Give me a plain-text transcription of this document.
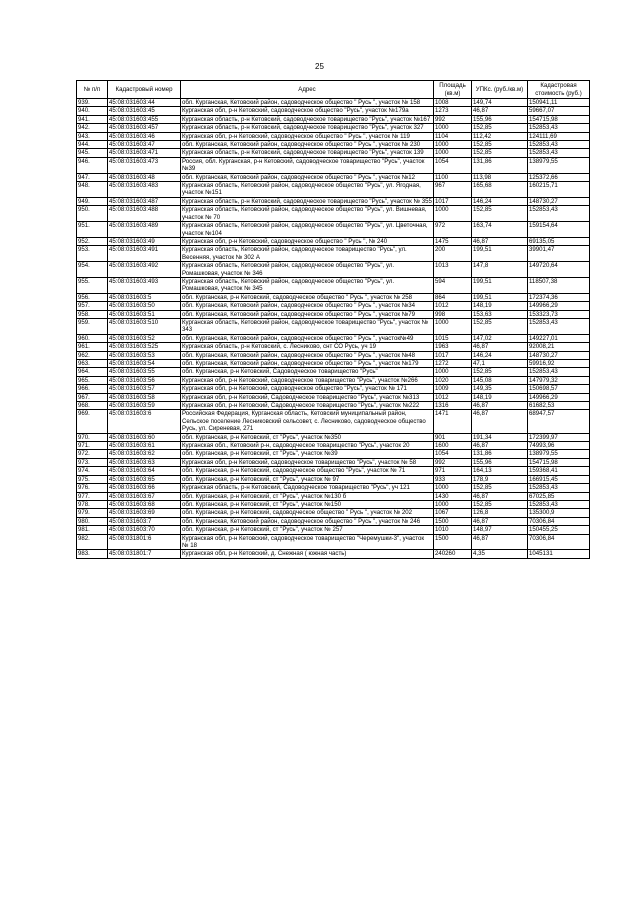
25
№ п/п	Кадастровый номер	Адрес	Площадь (кв.м)	УПКс. (руб./кв.м)	Кадастровая стоимость (руб.)
939.	45:08:031603:44	обл. Курганская, Кетовский район, садоводческое общество " Русь ", участок № 158	1008	149,74	150941,11
940.	45:08:031603:45	Курганская обл, р-н Кетовский, садоводческое общество "Русь", участок №179а	1273	46,87	59667,07
941.	45:08:031603:455	Курганская область, р-н Кетовский, садоводческое товарищество "Русь", участок №167	992	155,96	154715,98
942.	45:08:031603:457	Курганская область, р-н Кетовский, садоводческое товарищество "Русь", участок 327	1000	152,85	152853,43
943.	45:08:031603:46	Курганская обл, р-н Кетовский, садоводческое общество " Русь ", участок № 119	1104	112,42	124111,69
944.	45:08:031603:47	обл. Курганская, Кетовский район, садоводческое общество " Русь ", участок № 230	1000	152,85	152853,43
945.	45:08:031603:471	Курганская область, р-н Кетовский, садоводческое товарищество "Русь", участок 139	1000	152,85	152853,43
946.	45:08:031603:473	Россия, обл. Курганская, р-н Кетовский, садоводческое товарищество "Русь", участок №39	1054	131,86	138979,55
947.	45:08:031603:48	обл. Курганская, Кетовский район, садоводческое общество " Русь ", участок №12	1100	113,98	125372,66
948.	45:08:031603:483	Курганская область, Кетовский район, садоводческое общество "Русь", ул. Ягодная, участок №151	967	165,68	160215,71
949.	45:08:031603:487	Курганская область, р-н Кетовский, садоводческое товарищество "Русь", участок № 355	1017	146,24	148730,27
950.	45:08:031603:488	Курганская область, Кетовский район, садоводческое общество "Русь", ул. Вишневая, участок № 70	1000	152,85	152853,43
951.	45:08:031603:489	Курганская область, Кетовский район, садоводческое общество "Русь", ул. Цветочная, участок №104	972	163,74	159154,64
952.	45:08:031603:49	Курганская обл, р-н Кетовский, садоводческое общество " Русь ", № 240	1475	46,87	69135,05
953.	45:08:031603:491	Курганская область, Кетовский район, садоводческое товарищество "Русь", ул. Весенняя, участок № 302 А	200	199,51	39901,47
954.	45:08:031603:492	Курганская область, Кетовский район, садоводческое общество "Русь", ул. Ромашковая, участок № 346	1013	147,8	149720,64
955.	45:08:031603:493	Курганская область, Кетовский район, садоводческое общество "Русь", ул. Ромашковая, участок № 345	594	199,51	118507,38
956.	45:08:031603:5	обл. Курганская, р-н Кетовский, садоводческое общество " Русь ", участок № 258	864	199,51	172374,36
957.	45:08:031603:50	обл. Курганская, Кетовский район, садоводческое общество " Русь ", участок №34	1012	148,19	149966,29
958.	45:08:031603:51	обл. Курганская, Кетовский район, садоводческое общество " Русь ", участок №79	998	153,63	153323,73
959.	45:08:031603:510	Курганская область, Кетовский район, садоводческое товарищество "Русь", участок № 343	1000	152,85	152853,43
960.	45:08:031603:52	обл. Курганская, Кетовский район, садоводческое общество " Русь ", участок№49	1015	147,02	149227,01
961.	45:08:031603:525	Курганская область, р-н Кетовский, с. Лесниково, снт СО Русь, уч 19	1963	46,87	92008,21
962.	45:08:031603:53	обл. Курганская, Кетовский район, садоводческое общество " Русь ", участок №48	1017	146,24	148730,27
963.	45:08:031603:54	обл. Курганская, Кетовский район, садоводческое общество " Русь ", участок №179	1272	47,1	59916,92
964.	45:08:031603:55	обл. Курганская, р-н Кетовский, Садоводческое товарищество "Русь"	1000	152,85	152853,43
965.	45:08:031603:56	Курганская обл, р-н Кетовский, садоводческое товарищество "Русь", участок №266	1020	145,08	147979,32
966.	45:08:031603:57	Курганская обл, р-н Кетовский, садоводческое общество "Русь", участок № 171	1009	149,35	150698,57
967.	45:08:031603:58	Курганская обл, р-н Кетовский, Садоводческое товарищество "Русь", участок №313	1012	148,19	149966,29
968.	45:08:031603:59	Курганская обл, р-н Кетовский, Садоводческое товарищество "Русь", участок №222	1316	46,87	61682,53
969.	45:08:031603:6	Российская Федерация, Курганская область, Кетовский муниципальный район, Сельское поселение Лесниковский сельсовет, с. Лесниково, садоводческое общество Русь, ул. Сиреневая, 271	1471	46,87	68947,57
970.	45:08:031603:60	обл. Курганская, р-н Кетовский, ст "Русь", участок №350	901	191,34	172399,97
971.	45:08:031603:61	Курганская обл., Кетовский р-н, садоводческое товарищество "Русь", участок 20	1600	46,87	74993,96
972.	45:08:031603:62	обл. Курганская, р-н Кетовский, ст "Русь", участок №39	1054	131,86	138979,55
973.	45:08:031603:63	Курганская обл, р-н Кетовский, садоводческое товарищество "Русь", участок № 58	992	155,96	154715,98
974.	45:08:031603:64	обл. Курганская, р-н Кетовский, садоводческое общество "Русь", участок № 71	971	164,13	159368,41
975.	45:08:031603:65	обл. Курганская, р-н Кетовский, ст "Русь", участок № 97	933	178,9	166915,45
976.	45:08:031603:66	Курганская область, р-н Кетовский, Садоводческое товарищество "Русь", уч 121	1000	152,85	152853,43
977.	45:08:031603:67	обл. Курганская, р-н Кетовский, ст "Русь", участок №130 б	1430	46,87	67025,85
978.	45:08:031603:68	обл. Курганская, р-н Кетовский, ст "Русь", участок №150	1000	152,85	152853,43
979.	45:08:031603:69	обл. Курганская, р-н Кетовский, садоводческое общество " Русь ", участок № 202	1067	126,8	135300,9
980.	45:08:031603:7	обл. Курганская, Кетовский район, садоводческое общество " Русь ", участок № 246	1500	46,87	70306,84
981.	45:08:031603:70	обл. Курганская, р-н Кетовский, ст "Русь", участок № 257	1010	148,97	150455,25
982.	45:08:031801:6	Курганская обл, р-н Кетовский, садоводческое товарищество "Черемушки-3", участок № 18	1500	46,87	70306,84
983.	45:08:031801:7	Курганская обл, р-н Кетовский, д. Снежная ( южная часть)	240260	4,35	1045131
